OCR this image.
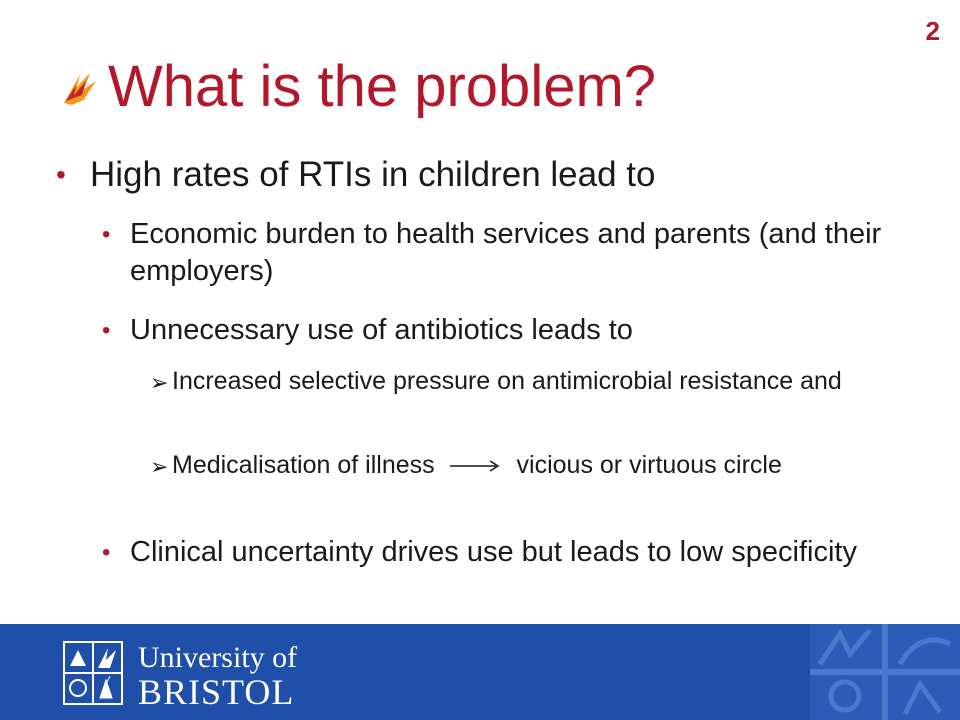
2
What is the problem?
• High rates of RTIs in children lead to
• Economic burden to health services and parents (and their employers)
• Unnecessary use of antibiotics leads to
➢ Increased selective pressure on antimicrobial resistance and
➢ Medicalisation of illness	vicious or virtuous circle
• Clinical uncertainty drives use but leads to low specificity
University of
BRISTOL
